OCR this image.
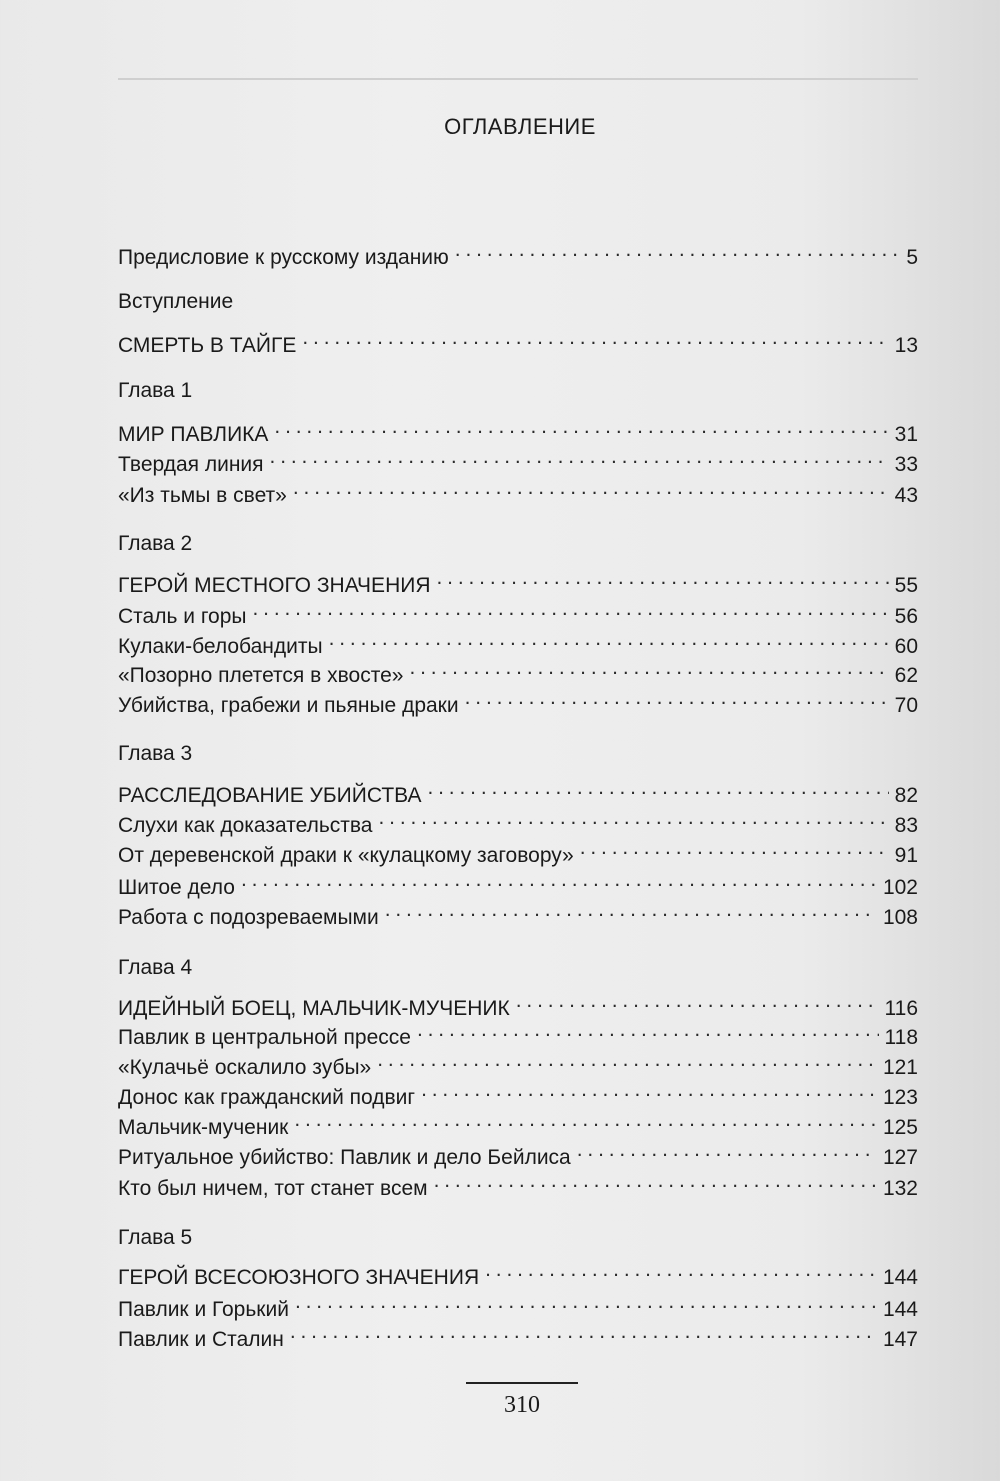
ОГЛАВЛЕНИЕ
Предисловие к русскому изданию . . .	5
Вступление
СМЕРТЬ В ТАЙГЕ . . .	13
Глава 1
МИР ПАВЛИКА . . .	31
Твердая линия . . .	33
«Из тьмы в свет» . . .	43
Глава 2
ГЕРОЙ МЕСТНОГО ЗНАЧЕНИЯ . . .	55
Сталь и горы . . .	56
Кулаки-белобандиты . . .	60
«Позорно плетется в хвосте» . . .	62
Убийства, грабежи и пьяные драки . . .	70
Глава 3
РАССЛЕДОВАНИЕ УБИЙСТВА . . .	82
Слухи как доказательства . . .	83
От деревенской драки к «кулацкому заговору» . . .	91
Шитое дело . . .	102
Работа с подозреваемыми . . .	108
Глава 4
ИДЕЙНЫЙ БОЕЦ, МАЛЬЧИК-МУЧЕНИК . . .	116
Павлик в центральной прессе . . .	118
«Кулачьё оскалило зубы» . . .	121
Донос как гражданский подвиг . . .	123
Мальчик-мученик . . .	125
Ритуальное убийство: Павлик и дело Бейлиса . . .	127
Кто был ничем, тот станет всем . . .	132
Глава 5
ГЕРОЙ ВСЕСОЮЗНОГО ЗНАЧЕНИЯ . . .	144
Павлик и Горький . . .	144
Павлик и Сталин . . .	147
310
